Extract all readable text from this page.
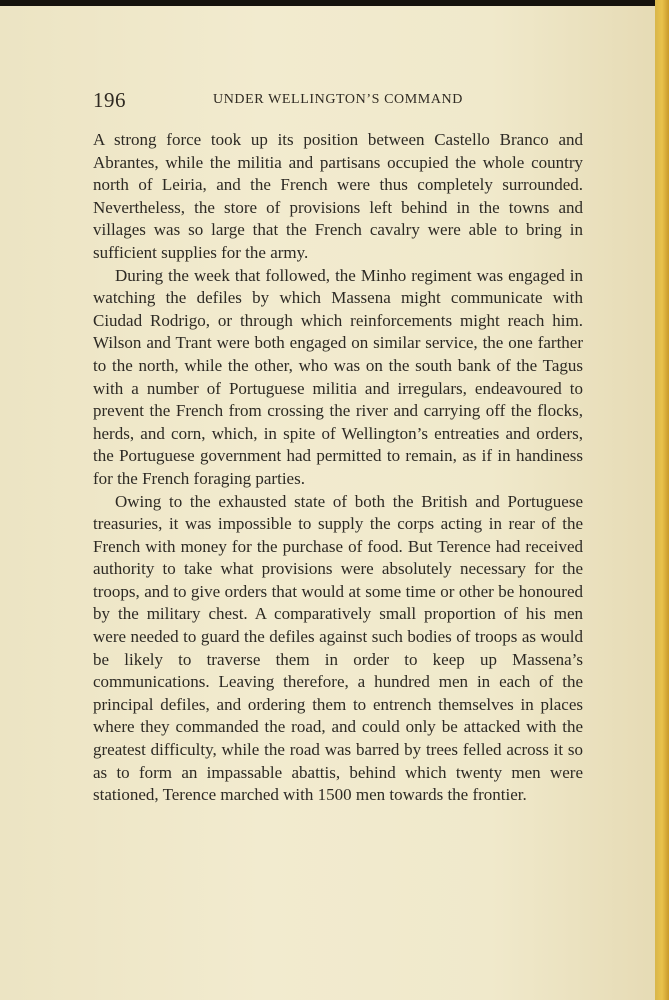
196	UNDER WELLINGTON’S COMMAND

A strong force took up its position between Castello Branco and Abrantes, while the militia and partisans occupied the whole country north of Leiria, and the French were thus completely surrounded. Nevertheless, the store of provisions left behind in the towns and villages was so large that the French cavalry were able to bring in sufficient supplies for the army.

During the week that followed, the Minho regiment was engaged in watching the defiles by which Massena might communicate with Ciudad Rodrigo, or through which reinforcements might reach him. Wilson and Trant were both engaged on similar service, the one farther to the north, while the other, who was on the south bank of the Tagus with a number of Portuguese militia and irregulars, endeavoured to prevent the French from crossing the river and carrying off the flocks, herds, and corn, which, in spite of Wellington’s entreaties and orders, the Portuguese government had permitted to remain, as if in handiness for the French foraging parties.

Owing to the exhausted state of both the British and Portuguese treasuries, it was impossible to supply the corps acting in rear of the French with money for the purchase of food. But Terence had received authority to take what provisions were absolutely necessary for the troops, and to give orders that would at some time or other be honoured by the military chest. A comparatively small proportion of his men were needed to guard the defiles against such bodies of troops as would be likely to traverse them in order to keep up Massena’s communications. Leaving therefore, a hundred men in each of the principal defiles, and ordering them to entrench themselves in places where they commanded the road, and could only be attacked with the greatest difficulty, while the road was barred by trees felled across it so as to form an impassable abattis, behind which twenty men were stationed, Terence marched with 1500 men towards the frontier.
